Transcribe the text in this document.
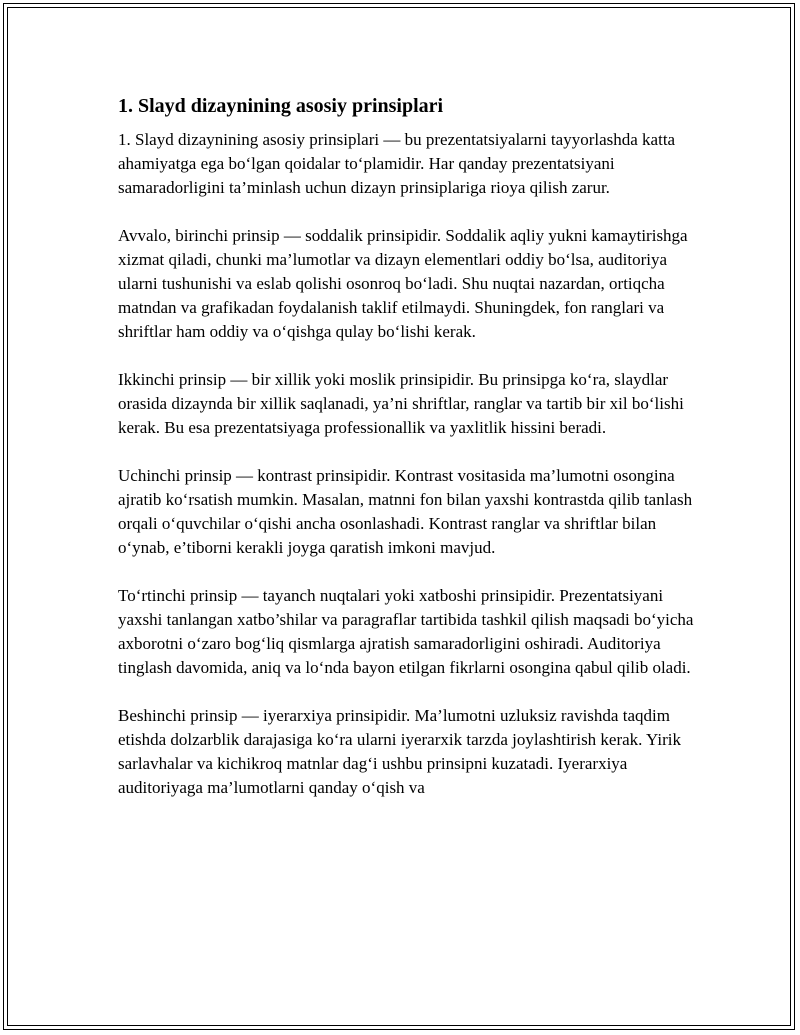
1. Slayd dizaynining asosiy prinsiplari

1. Slayd dizaynining asosiy prinsiplari — bu prezentatsiyalarni tayyorlashda katta ahamiyatga ega bo‘lgan qoidalar to‘plamidir. Har qanday prezentatsiyani samaradorligini ta’minlash uchun dizayn prinsiplariga rioya qilish zarur.

Avvalo, birinchi prinsip — soddalik prinsipidir. Soddalik aqliy yukni kamaytirishga xizmat qiladi, chunki ma’lumotlar va dizayn elementlari oddiy bo‘lsa, auditoriya ularni tushunishi va eslab qolishi osonroq bo‘ladi. Shu nuqtai nazardan, ortiqcha matndan va grafikadan foydalanish taklif etilmaydi. Shuningdek, fon ranglari va shriftlar ham oddiy va o‘qishga qulay bo‘lishi kerak.

Ikkinchi prinsip — bir xillik yoki moslik prinsipidir. Bu prinsipga ko‘ra, slaydlar orasida dizaynda bir xillik saqlanadi, ya’ni shriftlar, ranglar va tartib bir xil bo‘lishi kerak. Bu esa prezentatsiyaga professionallik va yaxlitlik hissini beradi.

Uchinchi prinsip — kontrast prinsipidir. Kontrast vositasida ma’lumotni osongina ajratib ko‘rsatish mumkin. Masalan, matnni fon bilan yaxshi kontrastda qilib tanlash orqali o‘quvchilar o‘qishi ancha osonlashadi. Kontrast ranglar va shriftlar bilan o‘ynab, e’tiborni kerakli joyga qaratish imkoni mavjud.

To‘rtinchi prinsip — tayanch nuqtalari yoki xatboshi prinsipidir. Prezentatsiyani yaxshi tanlangan xatbo’shilar va paragraflar tartibida tashkil qilish maqsadi bo‘yicha axborotni o‘zaro bog‘liq qismlarga ajratish samaradorligini oshiradi. Auditoriya tinglash davomida, aniq va lo‘nda bayon etilgan fikrlarni osongina qabul qilib oladi.

Beshinchi prinsip — iyerarxiya prinsipidir. Ma’lumotni uzluksiz ravishda taqdim etishda dolzarblik darajasiga ko‘ra ularni iyerarxik tarzda joylashtirish kerak. Yirik sarlavhalar va kichikroq matnlar dag‘i ushbu prinsipni kuzatadi. Iyerarxiya auditoriyaga ma’lumotlarni qanday o‘qish va
